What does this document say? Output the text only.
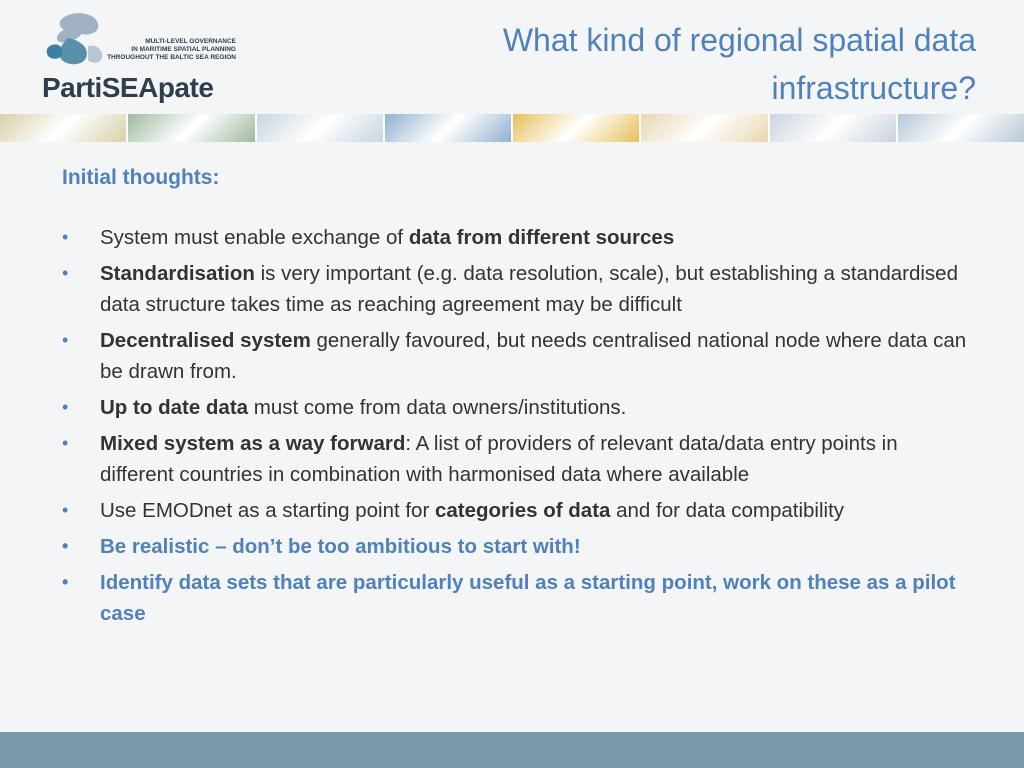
MULTI-LEVEL GOVERNANCE
IN MARITIME SPATIAL PLANNING
THROUGHOUT THE BALTIC SEA REGION
PartiSEApate
What kind of regional spatial data
infrastructure?
Initial thoughts:
• System must enable exchange of data from different sources
• Standardisation is very important (e.g. data resolution, scale), but establishing a standardised data structure takes time as reaching agreement may be difficult
• Decentralised system generally favoured, but needs centralised national node where data can be drawn from.
• Up to date data must come from data owners/institutions.
• Mixed system as a way forward: A list of providers of relevant data/data entry points in different countries in combination with harmonised data where available
• Use EMODnet as a starting point for categories of data and for data compatibility
• Be realistic – don’t be too ambitious to start with!
• Identify data sets that are particularly useful as a starting point, work on these as a pilot case
